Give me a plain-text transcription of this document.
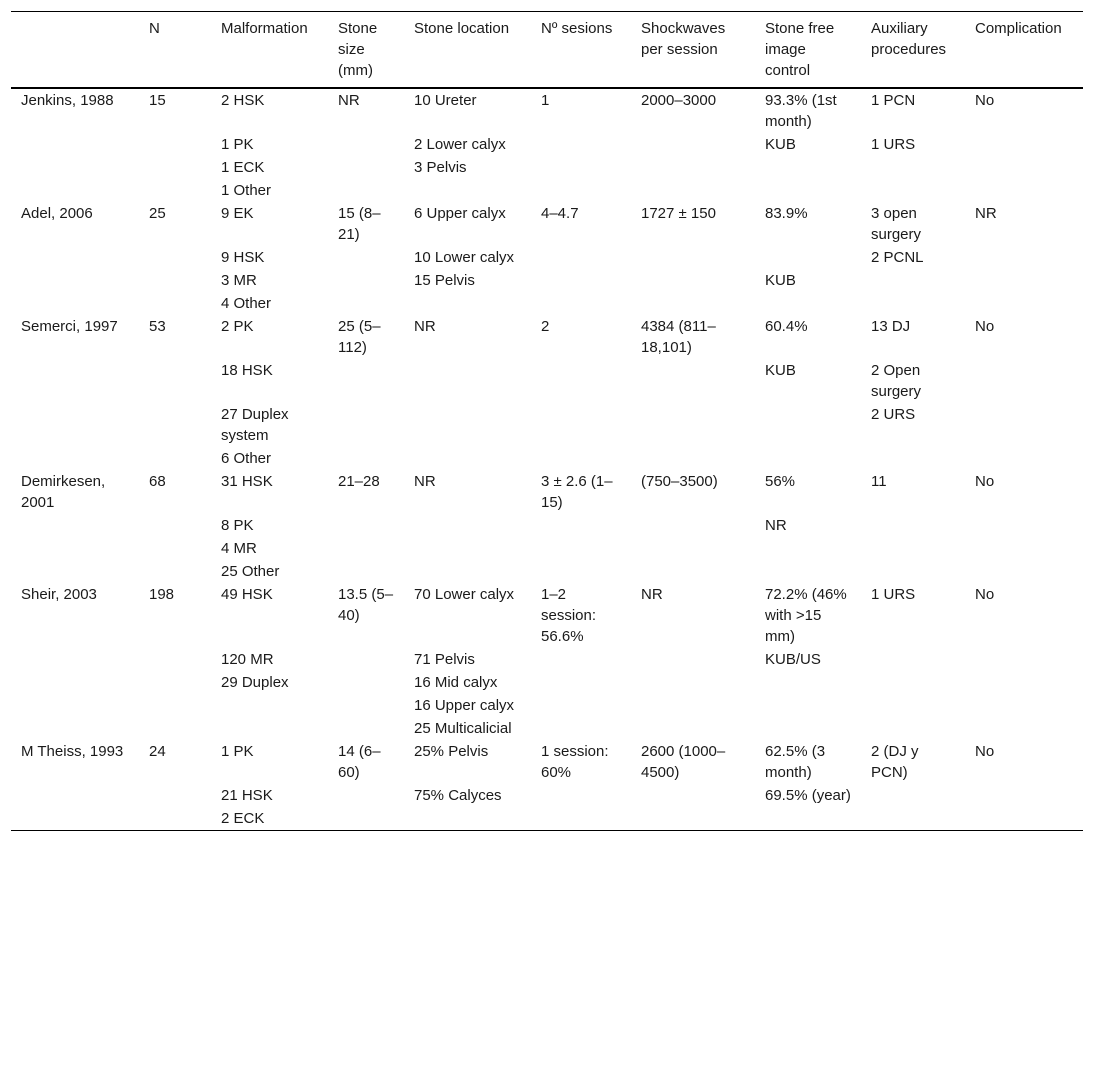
	N	Malformation	Stone size (mm)	Stone location	Nº sesions	Shockwaves per session	Stone free image control	Auxiliary procedures	Complication
Jenkins, 1988	15	2 HSK	NR	10 Ureter	1	2000–3000	93.3% (1st month)	1 PCN	No
		1 PK		2 Lower calyx			KUB	1 URS	
		1 ECK		3 Pelvis					
		1 Other							
Adel, 2006	25	9 EK	15 (8–21)	6 Upper calyx	4–4.7	1727 ± 150	83.9%	3 open surgery	NR
		9 HSK		10 Lower calyx				2 PCNL	
		3 MR		15 Pelvis			KUB		
		4 Other							
Semerci, 1997	53	2 PK	25 (5–112)	NR	2	4384 (811–18,101)	60.4%	13 DJ	No
		18 HSK					KUB	2 Open surgery	
		27 Duplex system						2 URS	
		6 Other							
Demirkesen, 2001	68	31 HSK	21–28	NR	3 ± 2.6 (1–15)	(750–3500)	56%	11	No
		8 PK					NR		
		4 MR							
		25 Other							
Sheir, 2003	198	49 HSK	13.5 (5–40)	70 Lower calyx	1–2 session: 56.6%	NR	72.2% (46% with >15 mm)	1 URS	No
		120 MR		71 Pelvis			KUB/US		
		29 Duplex		16 Mid calyx					
				16 Upper calyx					
				25 Multicalicial					
M Theiss, 1993	24	1 PK	14 (6–60)	25% Pelvis	1 session: 60%	2600 (1000–4500)	62.5% (3 month)	2 (DJ y PCN)	No
		21 HSK		75% Calyces			69.5% (year)		
		2 ECK							
